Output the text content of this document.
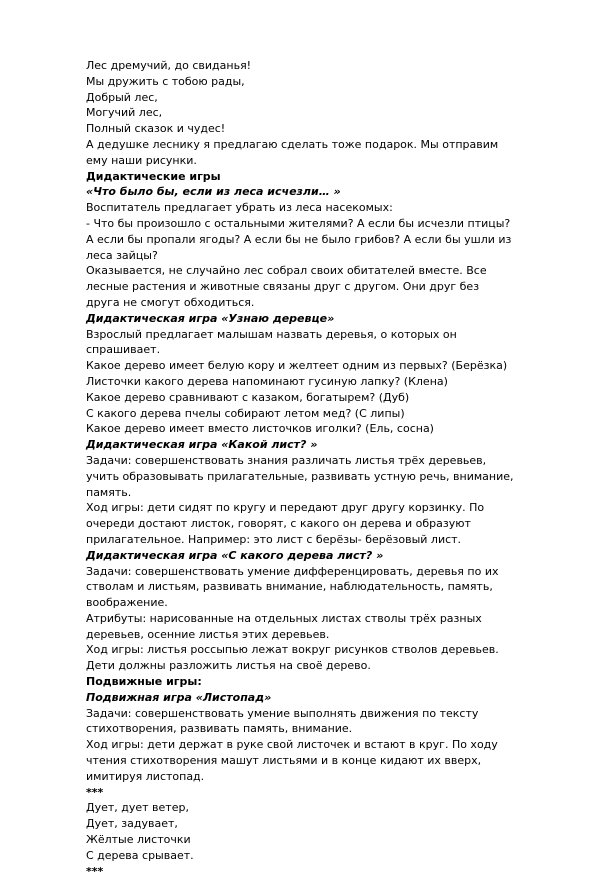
Лес дремучий, до свиданья!

Мы дружить с тобою рады,

Добрый лес,

Могучий лес,

Полный сказок и чудес!

А дедушке леснику я предлагаю сделать тоже подарок. Мы отправим

ему наши рисунки.

Дидактические игры

«Что было бы, если из леса исчезли… »

Воспитатель предлагает убрать из леса насекомых:

- Что бы произошло с остальными жителями? А если бы исчезли птицы?

А если бы пропали ягоды? А если бы не было грибов? А если бы ушли из

леса зайцы?

Оказывается, не случайно лес собрал своих обитателей вместе. Все

лесные растения и животные связаны друг с другом. Они друг без

друга не смогут обходиться.

Дидактическая игра «Узнаю деревце»

Взрослый предлагает малышам назвать деревья, о которых он

спрашивает.

Какое дерево имеет белую кору и желтеет одним из первых? (Берёзка)

Листочки какого дерева напоминают гусиную лапку? (Клена)

Какое дерево сравнивают с казаком, богатырем? (Дуб)

С какого дерева пчелы собирают летом мед? (С липы)

Какое дерево имеет вместо листочков иголки? (Ель, сосна)

Дидактическая игра «Какой лист? »

Задачи: совершенствовать знания различать листья трёх деревьев,

учить образовывать прилагательные, развивать устную речь, внимание,

память.

Ход игры: дети сидят по кругу и передают друг другу корзинку. По

очереди достают листок, говорят, с какого он дерева и образуют

прилагательное. Например: это лист с берёзы- берёзовый лист.

Дидактическая игра «С какого дерева лист? »

Задачи: совершенствовать умение дифференцировать, деревья по их

стволам и листьям, развивать внимание, наблюдательность, память,

воображение.

Атрибуты: нарисованные на отдельных листах стволы трёх разных

деревьев, осенние листья этих деревьев.

Ход игры: листья россыпью лежат вокруг рисунков стволов деревьев.

Дети должны разложить листья на своё дерево.

Подвижные игры:

Подвижная игра «Листопад»

Задачи: совершенствовать умение выполнять движения по тексту

стихотворения, развивать память, внимание.

Ход игры: дети держат в руке свой листочек и встают в круг. По ходу

чтения стихотворения машут листьями и в конце кидают их вверх,

имитируя листопад.

***

Дует, дует ветер,

Дует, задувает,

Жёлтые листочки

С дерева срывает.

***
